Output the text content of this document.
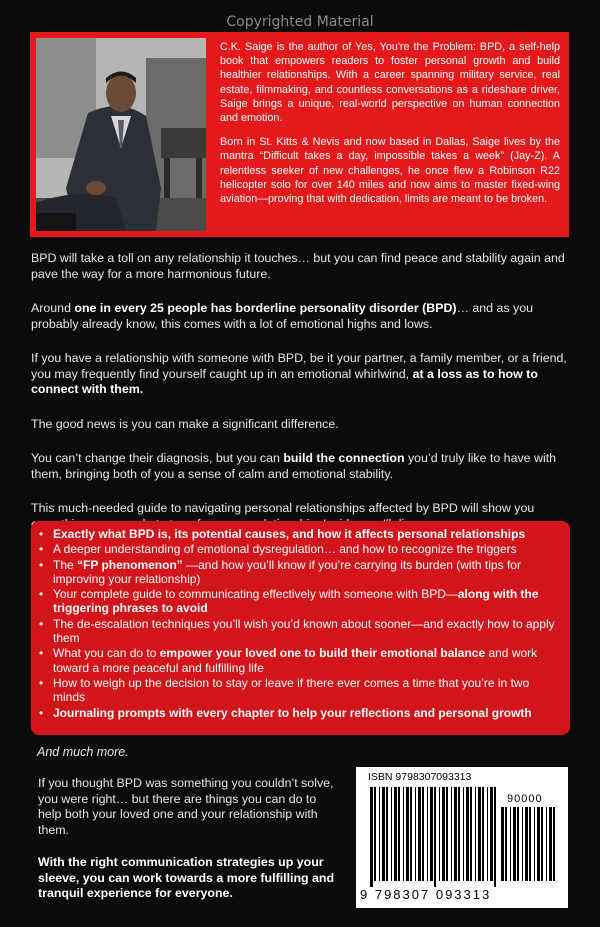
Copyrighted Material

C.K. Saige is the author of Yes, You're the Problem: BPD, a self-help book that empowers readers to foster personal growth and build healthier relationships. With a career spanning military service, real estate, filmmaking, and countless conversations as a rideshare driver, Saige brings a unique, real-world perspective on human connection and emotion.

Born in St. Kitts & Nevis and now based in Dallas, Saige lives by the mantra “Difficult takes a day, impossible takes a week” (Jay-Z). A relentless seeker of new challenges, he once flew a Robinson R22 helicopter solo for over 140 miles and now aims to master fixed-wing aviation—proving that with dedication, limits are meant to be broken.

BPD will take a toll on any relationship it touches… but you can find peace and stability again and pave the way for a more harmonious future.

Around one in every 25 people has borderline personality disorder (BPD)… and as you probably already know, this comes with a lot of emotional highs and lows.

If you have a relationship with someone with BPD, be it your partner, a family member, or a friend, you may frequently find yourself caught up in an emotional whirlwind, at a loss as to how to connect with them.

The good news is you can make a significant difference.

You can’t change their diagnosis, but you can build the connection you’d truly like to have with them, bringing both of you a sense of calm and emotional stability.

This much-needed guide to navigating personal relationships affected by BPD will show you

• Exactly what BPD is, its potential causes, and how it affects personal relationships
• A deeper understanding of emotional dysregulation… and how to recognize the triggers
• The “FP phenomenon” —and how you’ll know if you’re carrying its burden (with tips for improving your relationship)
• Your complete guide to communicating effectively with someone with BPD—along with the triggering phrases to avoid
• The de-escalation techniques you’ll wish you’d known about sooner—and exactly how to apply them
• What you can do to empower your loved one to build their emotional balance and work toward a more peaceful and fulfilling life
• How to weigh up the decision to stay or leave if there ever comes a time that you’re in two minds
• Journaling prompts with every chapter to help your reflections and personal growth
And much more.

If you thought BPD was something you couldn’t solve, you were right… but there are things you can do to help both your loved one and your relationship with them.

With the right communication strategies up your sleeve, you can work towards a more fulfilling and tranquil experience for everyone.

ISBN 9798307093313
90000
9 798307 093313
